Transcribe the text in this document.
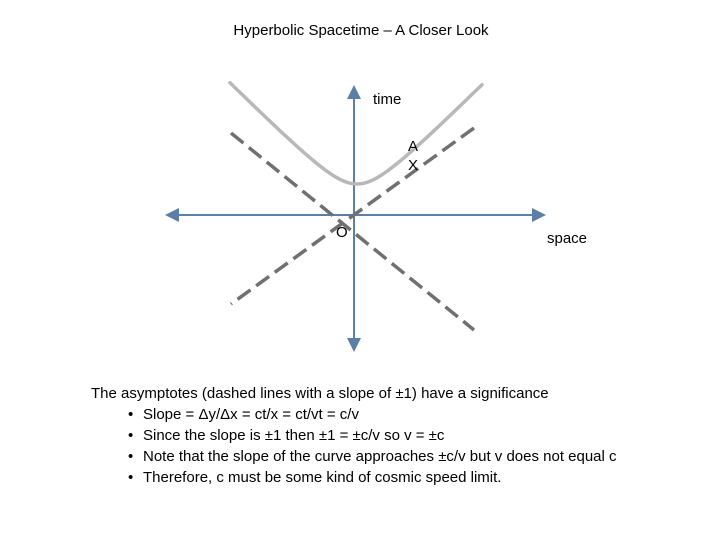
Hyperbolic Spacetime – A Closer Look
time
A
X
O	space
The asymptotes (dashed lines with a slope of ±1) have a significance
• Slope = Δy/Δx = ct/x = ct/vt = c/v
• Since the slope is ±1 then ±1 = ±c/v so v = ±c
• Note that the slope of the curve approaches ±c/v but v does not equal c
• Therefore, c must be some kind of cosmic speed limit.
